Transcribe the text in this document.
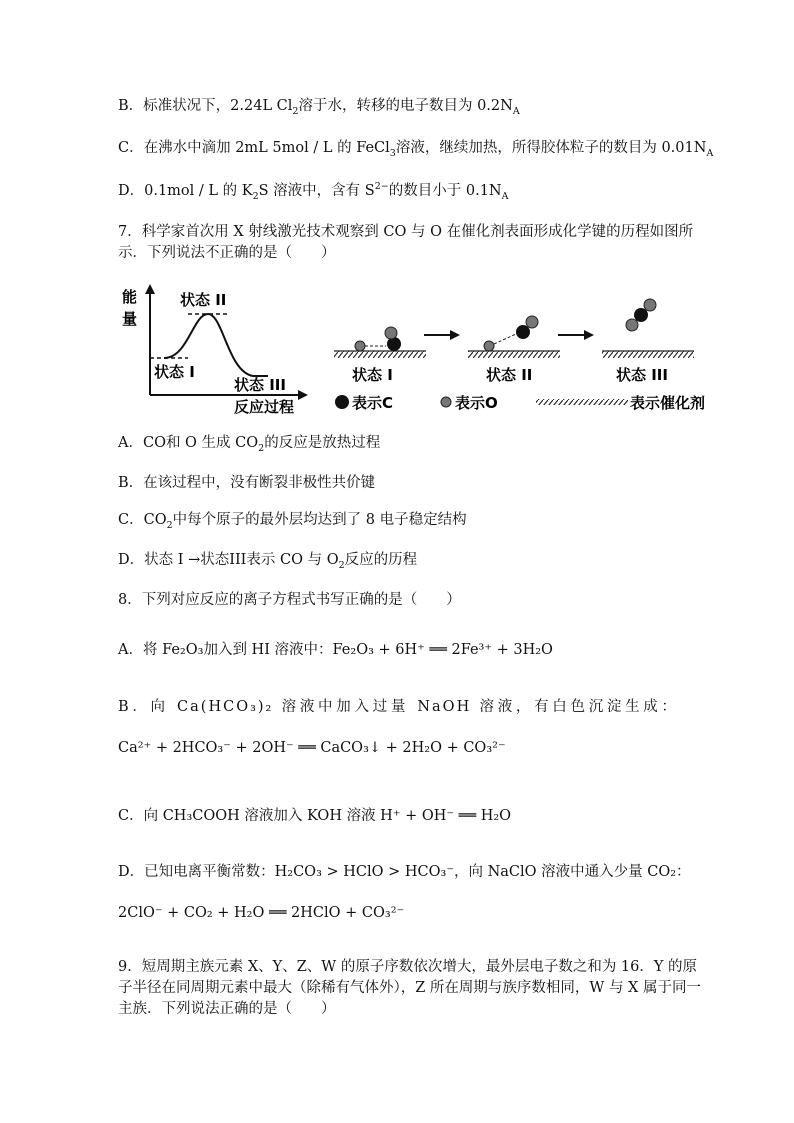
B．标准状况下，2.24L $Cl_2$溶于水，转移的电子数目为 $0.2N_A$
C．在沸水中滴加 2mL 5mol / L 的 FeCl$_3$溶液，继续加热，所得胶体粒子的数目为 $0.01N_A$
D．0.1mol / L 的 $K_2S$ 溶液中，含有 $S^{2-}$的数目小于 $0.1N_A$
7．科学家首次用 X 射线激光技术观察到 CO 与 O 在催化剂表面形成化学键的历程如图所
示．下列说法不正确的是（　　）
能
量
状态 II
状态 I
状态 III
反应过程
状态 I	状态 II	状态 III
表示C	表示O	表示催化剂
A．CO和 O 生成 $CO_2$的反应是放热过程
B．在该过程中，没有断裂非极性共价键
C．$CO_2$中每个原子的最外层均达到了 8 电子稳定结构
D．状态 I →状态III表示 CO 与 $O_2$反应的历程
8．下列对应反应的离子方程式书写正确的是（　　）
A．将 Fe₂O₃加入到 HI 溶液中：Fe₂O₃ + 6H⁺ ══ 2Fe³⁺ + 3H₂O
B．向 Ca(HCO₃)₂ 溶液中加入过量 NaOH 溶液，有白色沉淀生成：
Ca²⁺ + 2HCO₃⁻ + 2OH⁻ ══ CaCO₃↓ + 2H₂O + CO₃²⁻
C．向 CH₃COOH 溶液加入 KOH 溶液 H⁺ + OH⁻ ══ H₂O
D．已知电离平衡常数：H₂CO₃ > HClO > HCO₃⁻，向 NaClO 溶液中通入少量 CO₂：
2ClO⁻ + CO₂ + H₂O ══ 2HClO + CO₃²⁻
9．短周期主族元素 X、Y、Z、W 的原子序数依次增大，最外层电子数之和为 16．Y 的原
子半径在同周期元素中最大（除稀有气体外），Z 所在周期与族序数相同，W 与 X 属于同一
主族．下列说法正确的是（　　）
